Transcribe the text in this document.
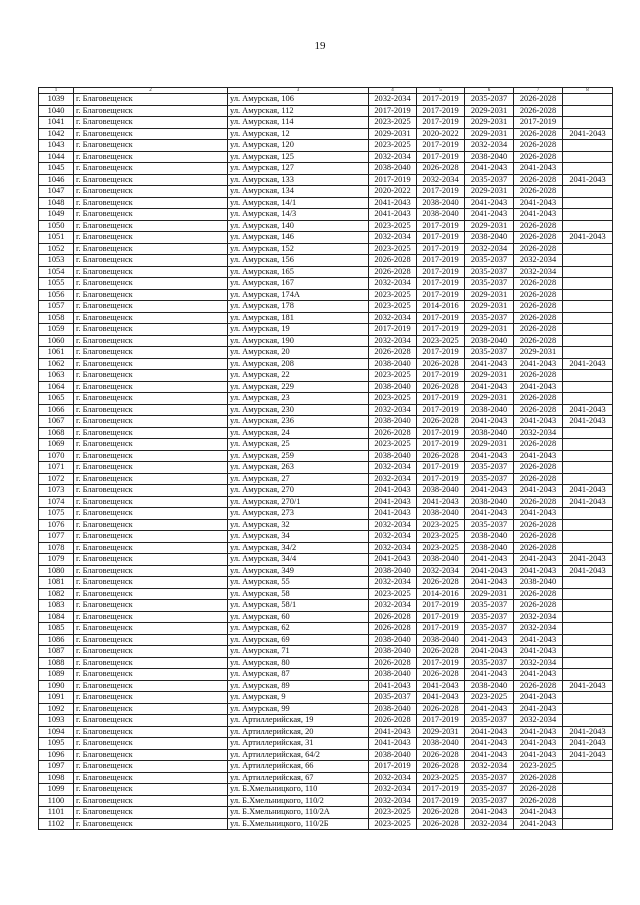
19
1	2	3	4	5	6	7	8
1039	г. Благовещенск	ул. Амурская, 106	2032-2034	2017-2019	2035-2037	2026-2028	
1040	г. Благовещенск	ул. Амурская, 112	2017-2019	2017-2019	2029-2031	2026-2028	
1041	г. Благовещенск	ул. Амурская, 114	2023-2025	2017-2019	2029-2031	2017-2019	
1042	г. Благовещенск	ул. Амурская, 12	2029-2031	2020-2022	2029-2031	2026-2028	2041-2043
1043	г. Благовещенск	ул. Амурская, 120	2023-2025	2017-2019	2032-2034	2026-2028	
1044	г. Благовещенск	ул. Амурская, 125	2032-2034	2017-2019	2038-2040	2026-2028	
1045	г. Благовещенск	ул. Амурская, 127	2038-2040	2026-2028	2041-2043	2041-2043	
1046	г. Благовещенск	ул. Амурская, 133	2017-2019	2032-2034	2035-2037	2026-2028	2041-2043
1047	г. Благовещенск	ул. Амурская, 134	2020-2022	2017-2019	2029-2031	2026-2028	
1048	г. Благовещенск	ул. Амурская, 14/1	2041-2043	2038-2040	2041-2043	2041-2043	
1049	г. Благовещенск	ул. Амурская, 14/3	2041-2043	2038-2040	2041-2043	2041-2043	
1050	г. Благовещенск	ул. Амурская, 140	2023-2025	2017-2019	2029-2031	2026-2028	
1051	г. Благовещенск	ул. Амурская, 146	2032-2034	2017-2019	2038-2040	2026-2028	2041-2043
1052	г. Благовещенск	ул. Амурская, 152	2023-2025	2017-2019	2032-2034	2026-2028	
1053	г. Благовещенск	ул. Амурская, 156	2026-2028	2017-2019	2035-2037	2032-2034	
1054	г. Благовещенск	ул. Амурская, 165	2026-2028	2017-2019	2035-2037	2032-2034	
1055	г. Благовещенск	ул. Амурская, 167	2032-2034	2017-2019	2035-2037	2026-2028	
1056	г. Благовещенск	ул. Амурская, 174А	2023-2025	2017-2019	2029-2031	2026-2028	
1057	г. Благовещенск	ул. Амурская, 178	2023-2025	2014-2016	2029-2031	2026-2028	
1058	г. Благовещенск	ул. Амурская, 181	2032-2034	2017-2019	2035-2037	2026-2028	
1059	г. Благовещенск	ул. Амурская, 19	2017-2019	2017-2019	2029-2031	2026-2028	
1060	г. Благовещенск	ул. Амурская, 190	2032-2034	2023-2025	2038-2040	2026-2028	
1061	г. Благовещенск	ул. Амурская, 20	2026-2028	2017-2019	2035-2037	2029-2031	
1062	г. Благовещенск	ул. Амурская, 208	2038-2040	2026-2028	2041-2043	2041-2043	2041-2043
1063	г. Благовещенск	ул. Амурская, 22	2023-2025	2017-2019	2029-2031	2026-2028	
1064	г. Благовещенск	ул. Амурская, 229	2038-2040	2026-2028	2041-2043	2041-2043	
1065	г. Благовещенск	ул. Амурская, 23	2023-2025	2017-2019	2029-2031	2026-2028	
1066	г. Благовещенск	ул. Амурская, 230	2032-2034	2017-2019	2038-2040	2026-2028	2041-2043
1067	г. Благовещенск	ул. Амурская, 236	2038-2040	2026-2028	2041-2043	2041-2043	2041-2043
1068	г. Благовещенск	ул. Амурская, 24	2026-2028	2017-2019	2038-2040	2032-2034	
1069	г. Благовещенск	ул. Амурская, 25	2023-2025	2017-2019	2029-2031	2026-2028	
1070	г. Благовещенск	ул. Амурская, 259	2038-2040	2026-2028	2041-2043	2041-2043	
1071	г. Благовещенск	ул. Амурская, 263	2032-2034	2017-2019	2035-2037	2026-2028	
1072	г. Благовещенск	ул. Амурская, 27	2032-2034	2017-2019	2035-2037	2026-2028	
1073	г. Благовещенск	ул. Амурская, 270	2041-2043	2038-2040	2041-2043	2041-2043	2041-2043
1074	г. Благовещенск	ул. Амурская, 270/1	2041-2043	2041-2043	2038-2040	2026-2028	2041-2043
1075	г. Благовещенск	ул. Амурская, 273	2041-2043	2038-2040	2041-2043	2041-2043	
1076	г. Благовещенск	ул. Амурская, 32	2032-2034	2023-2025	2035-2037	2026-2028	
1077	г. Благовещенск	ул. Амурская, 34	2032-2034	2023-2025	2038-2040	2026-2028	
1078	г. Благовещенск	ул. Амурская, 34/2	2032-2034	2023-2025	2038-2040	2026-2028	
1079	г. Благовещенск	ул. Амурская, 34/4	2041-2043	2038-2040	2041-2043	2041-2043	2041-2043
1080	г. Благовещенск	ул. Амурская, 349	2038-2040	2032-2034	2041-2043	2041-2043	2041-2043
1081	г. Благовещенск	ул. Амурская, 55	2032-2034	2026-2028	2041-2043	2038-2040	
1082	г. Благовещенск	ул. Амурская, 58	2023-2025	2014-2016	2029-2031	2026-2028	
1083	г. Благовещенск	ул. Амурская, 58/1	2032-2034	2017-2019	2035-2037	2026-2028	
1084	г. Благовещенск	ул. Амурская, 60	2026-2028	2017-2019	2035-2037	2032-2034	
1085	г. Благовещенск	ул. Амурская, 62	2026-2028	2017-2019	2035-2037	2032-2034	
1086	г. Благовещенск	ул. Амурская, 69	2038-2040	2038-2040	2041-2043	2041-2043	
1087	г. Благовещенск	ул. Амурская, 71	2038-2040	2026-2028	2041-2043	2041-2043	
1088	г. Благовещенск	ул. Амурская, 80	2026-2028	2017-2019	2035-2037	2032-2034	
1089	г. Благовещенск	ул. Амурская, 87	2038-2040	2026-2028	2041-2043	2041-2043	
1090	г. Благовещенск	ул. Амурская, 89	2041-2043	2041-2043	2038-2040	2026-2028	2041-2043
1091	г. Благовещенск	ул. Амурская, 9	2035-2037	2041-2043	2023-2025	2041-2043	
1092	г. Благовещенск	ул. Амурская, 99	2038-2040	2026-2028	2041-2043	2041-2043	
1093	г. Благовещенск	ул. Артиллерийская, 19	2026-2028	2017-2019	2035-2037	2032-2034	
1094	г. Благовещенск	ул. Артиллерийская, 20	2041-2043	2029-2031	2041-2043	2041-2043	2041-2043
1095	г. Благовещенск	ул. Артиллерийская, 31	2041-2043	2038-2040	2041-2043	2041-2043	2041-2043
1096	г. Благовещенск	ул. Артиллерийская, 64/2	2038-2040	2026-2028	2041-2043	2041-2043	2041-2043
1097	г. Благовещенск	ул. Артиллерийская, 66	2017-2019	2026-2028	2032-2034	2023-2025	
1098	г. Благовещенск	ул. Артиллерийская, 67	2032-2034	2023-2025	2035-2037	2026-2028	
1099	г. Благовещенск	ул. Б.Хмельницкого, 110	2032-2034	2017-2019	2035-2037	2026-2028	
1100	г. Благовещенск	ул. Б.Хмельницкого, 110/2	2032-2034	2017-2019	2035-2037	2026-2028	
1101	г. Благовещенск	ул. Б.Хмельницкого, 110/2А	2023-2025	2026-2028	2041-2043	2041-2043	
1102	г. Благовещенск	ул. Б.Хмельницкого, 110/2Б	2023-2025	2026-2028	2032-2034	2041-2043	
